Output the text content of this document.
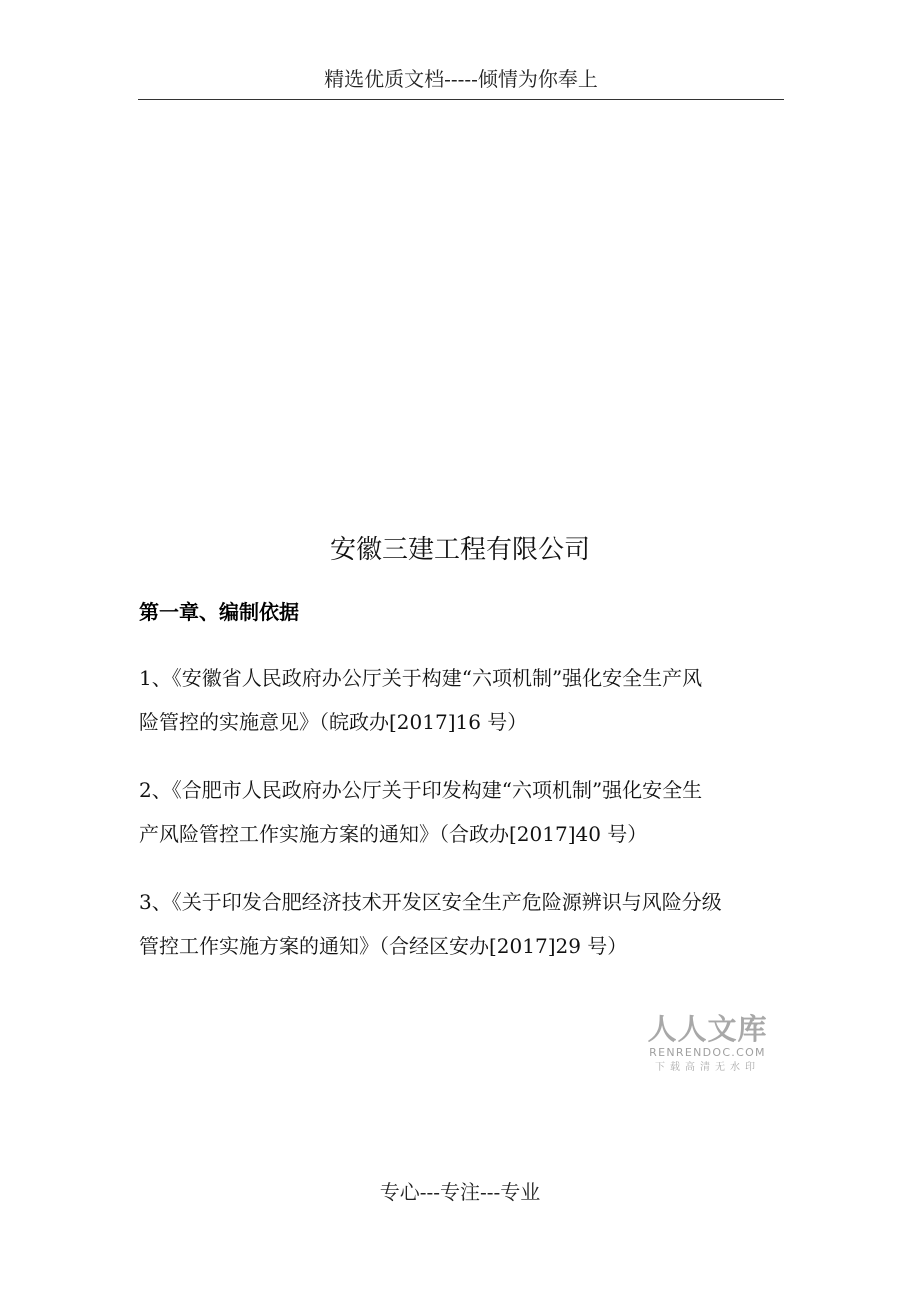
精选优质文档-----倾情为你奉上
安徽三建工程有限公司
第一章、编制依据
1、《安徽省人民政府办公厅关于构建“六项机制”强化安全生产风
险管控的实施意见》（皖政办[2017]16 号）
2、《合肥市人民政府办公厅关于印发构建“六项机制”强化安全生
产风险管控工作实施方案的通知》（合政办[2017]40 号）
3、《关于印发合肥经济技术开发区安全生产危险源辨识与风险分级
管控工作实施方案的通知》（合经区安办[2017]29 号）
人人文库
RENRENDOC.COM
下载高清无水印
专心---专注---专业
